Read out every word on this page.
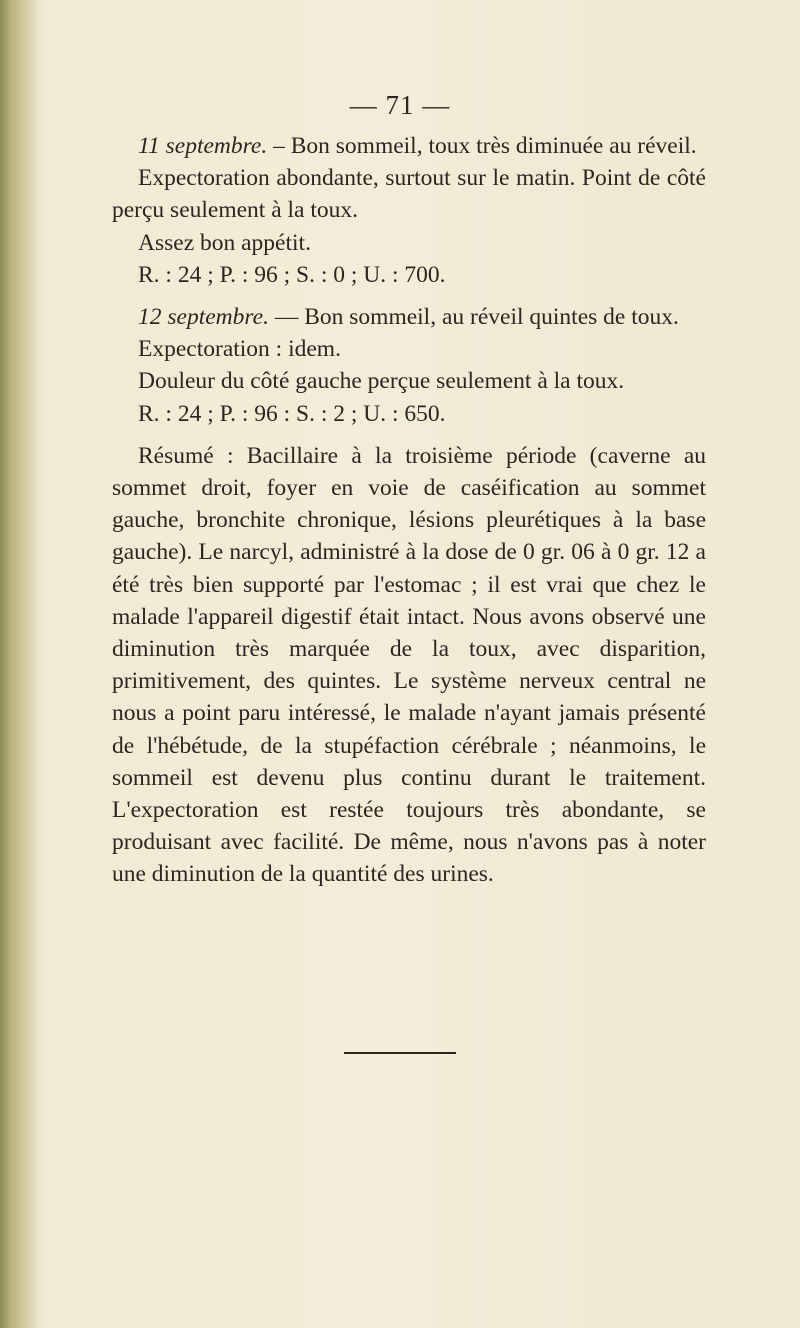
— 71 —

11 septembre. – Bon sommeil, toux très diminuée au réveil.

Expectoration abondante, surtout sur le matin. Point de côté perçu seulement à la toux.

Assez bon appétit.

R. : 24 ; P. : 96 ; S. : 0 ; U. : 700.

12 septembre. — Bon sommeil, au réveil quintes de toux.

Expectoration : idem.

Douleur du côté gauche perçue seulement à la toux.

R. : 24 ; P. : 96 : S. : 2 ; U. : 650.

Résumé : Bacillaire à la troisième période (caverne au sommet droit, foyer en voie de caséification au sommet gauche, bronchite chronique, lésions pleurétiques à la base gauche). Le narcyl, administré à la dose de 0 gr. 06 à 0 gr. 12 a été très bien supporté par l'estomac ; il est vrai que chez le malade l'appareil digestif était intact. Nous avons observé une diminution très marquée de la toux, avec disparition, primitivement, des quintes. Le système nerveux central ne nous a point paru intéressé, le malade n'ayant jamais présenté de l'hébétude, de la stupéfaction cérébrale ; néanmoins, le sommeil est devenu plus continu durant le traitement. L'expectoration est restée toujours très abondante, se produisant avec facilité. De même, nous n'avons pas à noter une diminution de la quantité des urines.
